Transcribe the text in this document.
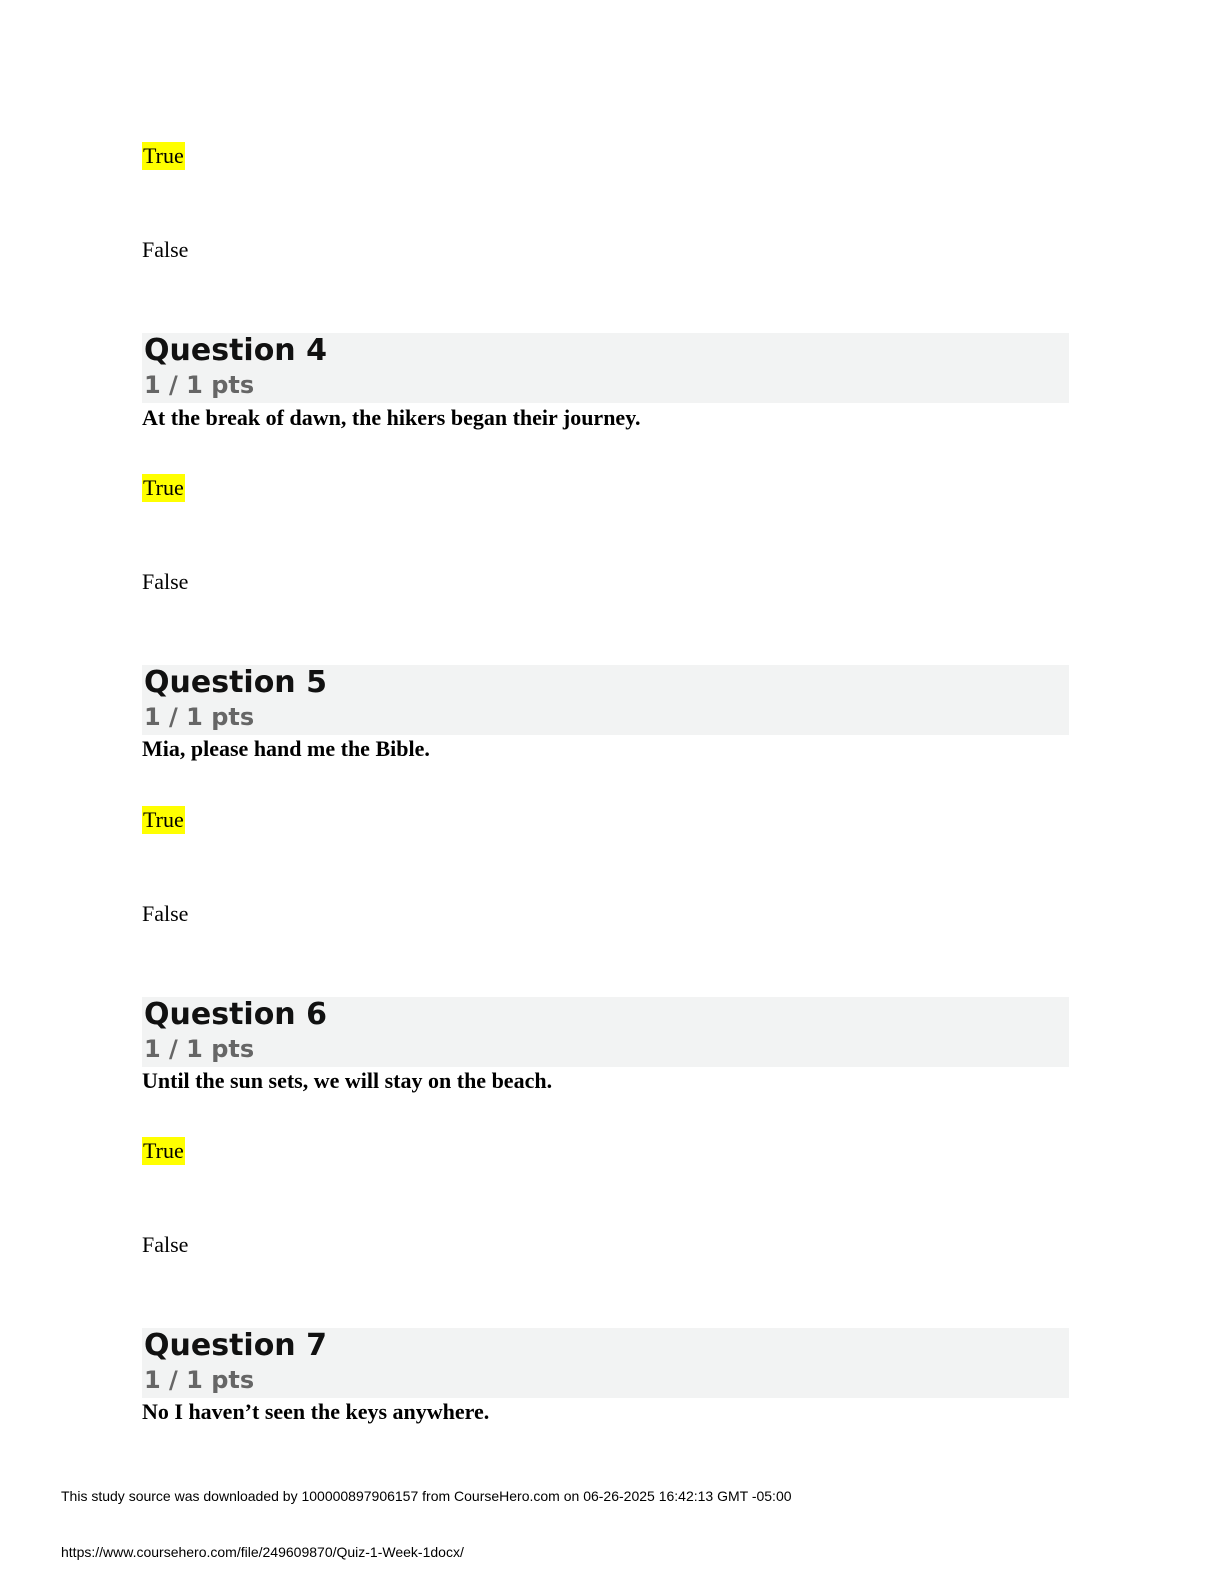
True
False
Question 4
1 / 1 pts

At the break of dawn, the hikers began their journey.

True
False
Question 5
1 / 1 pts

Mia, please hand me the Bible.

True
False
Question 6
1 / 1 pts

Until the sun sets, we will stay on the beach.

True
False
Question 7
1 / 1 pts

No I haven’t seen the keys anywhere.

This study source was downloaded by 100000897906157 from CourseHero.com on 06-26-2025 16:42:13 GMT -05:00

https://www.coursehero.com/file/249609870/Quiz-1-Week-1docx/
